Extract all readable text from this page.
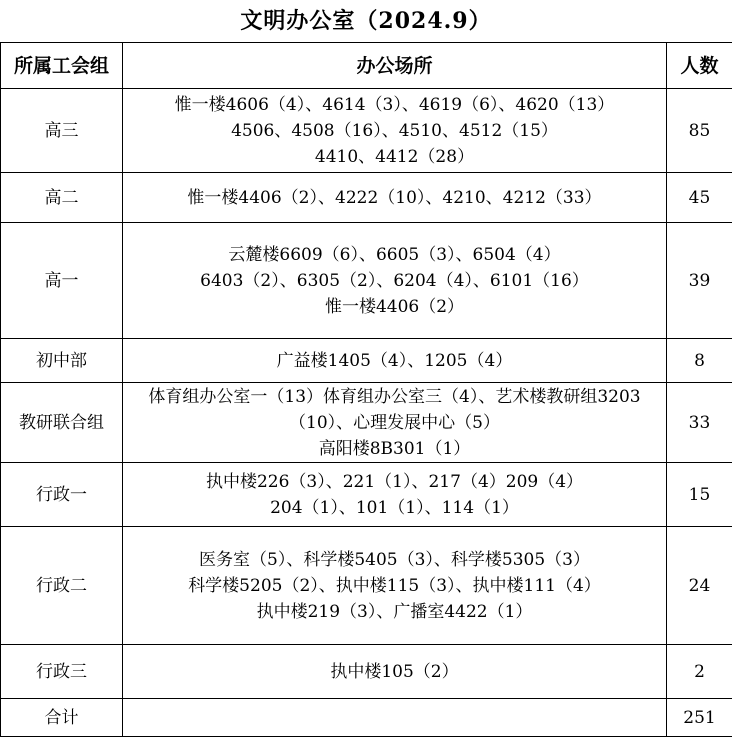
文明办公室（2024.9）
所属工会组	办公场所	人数
高三	惟一楼4606（4）、4614（3）、4619（6）、4620（13）
4506、4508（16）、4510、4512（15）
4410、4412（28）	85
高二	惟一楼4406（2）、4222（10）、4210、4212（33）	45
高一	云麓楼6609（6）、6605（3）、6504（4）
6403（2）、6305（2）、6204（4）、6101（16）
惟一楼4406（2）	39
初中部	广益楼1405（4）、1205（4）	8
教研联合组	体育组办公室一（13）体育组办公室三（4）、艺术楼教研组3203（10）、心理发展中心（5）
高阳楼8B301（1）	33
行政一	执中楼226（3）、221（1）、217（4）209（4）
204（1）、101（1）、114（1）	15
行政二	医务室（5）、科学楼5405（3）、科学楼5305（3）
科学楼5205（2）、执中楼115（3）、执中楼111（4）
执中楼219（3）、广播室4422（1）	24
行政三	执中楼105（2）	2
合计		251
